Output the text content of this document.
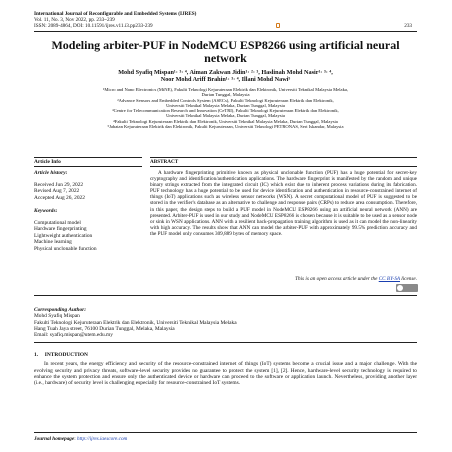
International Journal of Reconfigurable and Embedded Systems (IJRES)
Vol. 11, No. 3, Nov 2022, pp. 233~239
ISSN: 2089-4864, DOI: 10.11591/ijres.v11.i3.pp233-239	233
Modeling arbiter-PUF in NodeMCU ESP8266 using artificial neural network
Mohd Syafiq Mispan¹· ³· ⁴, Aiman Zakwan Jidin¹· ²· ³, Haslinah Mohd Nasir¹· ³· ⁴,
Noor Mohd Ariff Brahin¹· ³· ⁴, Illani Mohd Nawi⁵
¹Micro and Nano Electronics (MiNE), Fakulti Teknologi Kejuruteraan Elektrik dan Elektronik, Universiti Teknikal Malaysia Melaka,
Durian Tunggal, Malaysia
²Advance Sensors and Embedded Controls System (ASECs), Fakulti Teknologi Kejuruteraan Elektrik dan Elektronik,
Universiti Teknikal Malaysia Melaka, Durian Tunggal, Malaysia
³Centre for Telecommunication Research and Innovation (CeTRI), Fakulti Teknologi Kejuruteraan Elektrik dan Elektronik,
Universiti Teknikal Malaysia Melaka, Durian Tunggal, Malaysia
⁴Fakulti Teknologi Kejuruteraan Elektrik dan Elektronik, Universiti Teknikal Malaysia Melaka, Durian Tunggal, Malaysia
⁵Jabatan Kejuruteraan Elektrik dan Elektronik, Fakulti Kejuruteraan, Universiti Teknologi PETRONAS, Seri Iskandar, Malaysia
Article Info
Article history:
Received Jun 29, 2022
Revised Aug 7, 2022
Accepted Aug 26, 2022
Keywords:
Computational model
Hardware fingerprinting
Lightweight authentication
Machine learning
Physical unclonable function
ABSTRACT

A hardware fingerprinting primitive known as physical unclonable function (PUF) has a huge potential for secret-key cryptography and identification/authentication applications. The hardware fingerprint is manifested by the random and unique binary strings extracted from the integrated circuit (IC) which exist due to inherent process variations during its fabrication. PUF technology has a huge potential to be used for device identification and authentication in resource-constrained internet of things (IoT) applications such as wireless sensor networks (WSN). A secret computational model of PUF is suggested to be stored in the verifier's database as an alternative to challenge and response pairs (CRPs) to reduce area consumption. Therefore, in this paper, the design steps to build a PUF model in NodeMCU ESP8266 using an artificial neural network (ANN) are presented. Arbiter-PUF is used in our study and NodeMCU ESP8266 is chosen because it is suitable to be used as a sensor node or sink in WSN applications. ANN with a resilient back-propagation training algorithm is used as it can model the non-linearity with high accuracy. The results show that ANN can model the arbiter-PUF with approximately 99.5% prediction accuracy and the PUF model only consumes 309,889 bytes of memory space.

This is an open access article under the CC BY-SA license.
Corresponding Author:
Mohd Syafiq Mispan
Fakulti Teknologi Kejuruteraan Elektrik dan Elektronik, Universiti Teknikal Malaysia Melaka
Hang Tuah Jaya street, 76100 Durian Tunggal, Melaka, Malaysia
Email: syafiq.mispan@utem.edu.my
1.     INTRODUCTION

In recent years, the energy efficiency and security of the resource-constrained internet of things (IoT) systems become a crucial issue and a major challenge. With the evolving security and privacy threats, software-level security provides no guarantee to protect the system [1], [2]. Hence, hardware-level security technology is required to enhance the system protection and ensure only the authenticated device or hardware can proceed to the software or application launch. Nevertheless, providing another layer (i.e., hardware) of security level is challenging especially for resource-constrained IoT systems.

Journal homepage: http://ijres.iaescore.com
